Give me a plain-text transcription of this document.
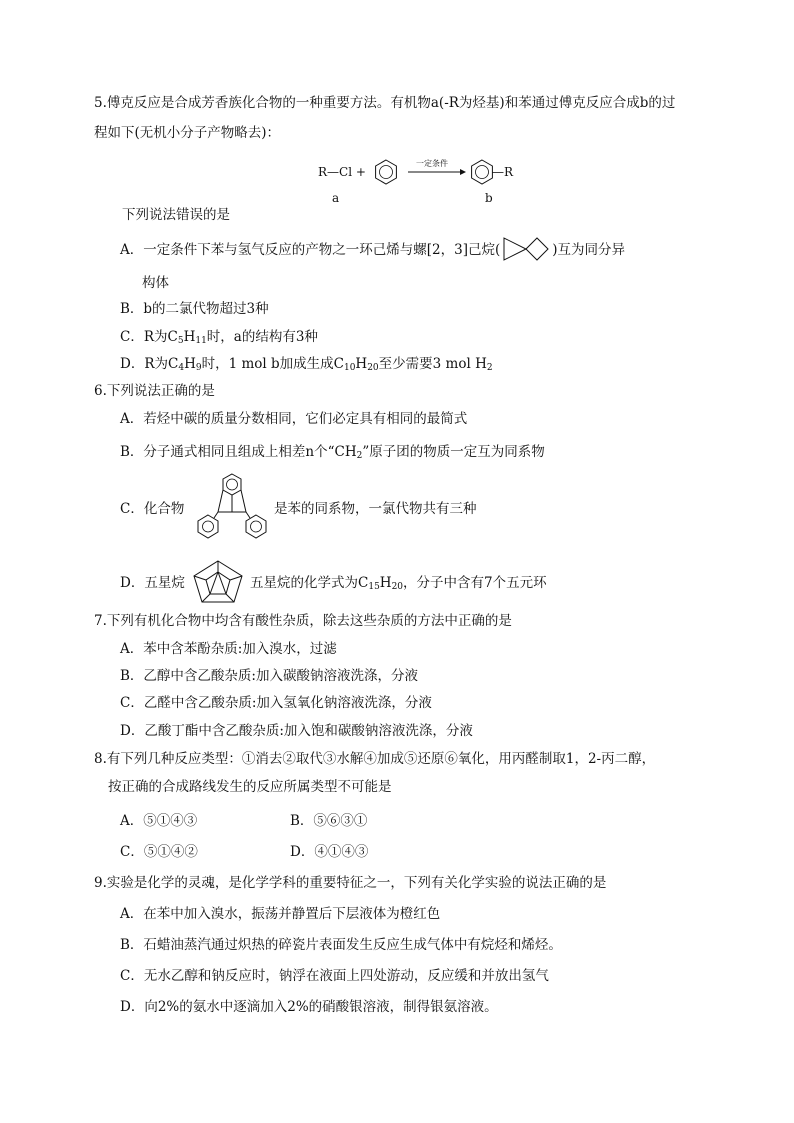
5.傅克反应是合成芳香族化合物的一种重要方法。有机物a(-R为烃基)和苯通过傅克反应合成b的过
程如下(无机小分子产物略去)：
R—Cl +
一定条件
—R
a	b
下列说法错误的是
A．一定条件下苯与氢气反应的产物之一环己烯与螺[2，3]己烷(	)互为同分异
构体
B．b的二氯代物超过3种
C．R为$C_5H_{11}$时，a的结构有3种
D．R为$C_4H_9$时，1 mol b加成生成$C_{10}H_{20}$至少需要3 mol $H_2$
6.下列说法正确的是
A．若烃中碳的质量分数相同，它们必定具有相同的最简式
B．分子通式相同且组成上相差n个“$CH_2$”原子团的物质一定互为同系物
C．化合物	是苯的同系物，一氯代物共有三种
D．五星烷	五星烷的化学式为$C_{15}H_{20}$，分子中含有7个五元环
7.下列有机化合物中均含有酸性杂质，除去这些杂质的方法中正确的是
A．苯中含苯酚杂质:加入溴水，过滤
B．乙醇中含乙酸杂质:加入碳酸钠溶液洗涤，分液
C．乙醛中含乙酸杂质:加入氢氧化钠溶液洗涤，分液
D．乙酸丁酯中含乙酸杂质:加入饱和碳酸钠溶液洗涤，分液
8.有下列几种反应类型：①消去②取代③水解④加成⑤还原⑥氧化，用丙醛制取1，2-丙二醇，
按正确的合成路线发生的反应所属类型不可能是
A．⑤①④③	B．⑤⑥③①
C．⑤①④②	D．④①④③
9.实验是化学的灵魂，是化学学科的重要特征之一，下列有关化学实验的说法正确的是
A．在苯中加入溴水，振荡并静置后下层液体为橙红色
B．石蜡油蒸汽通过炽热的碎瓷片表面发生反应生成气体中有烷烃和烯烃。
C．无水乙醇和钠反应时，钠浮在液面上四处游动，反应缓和并放出氢气
D．向2%的氨水中逐滴加入2%的硝酸银溶液，制得银氨溶液。
